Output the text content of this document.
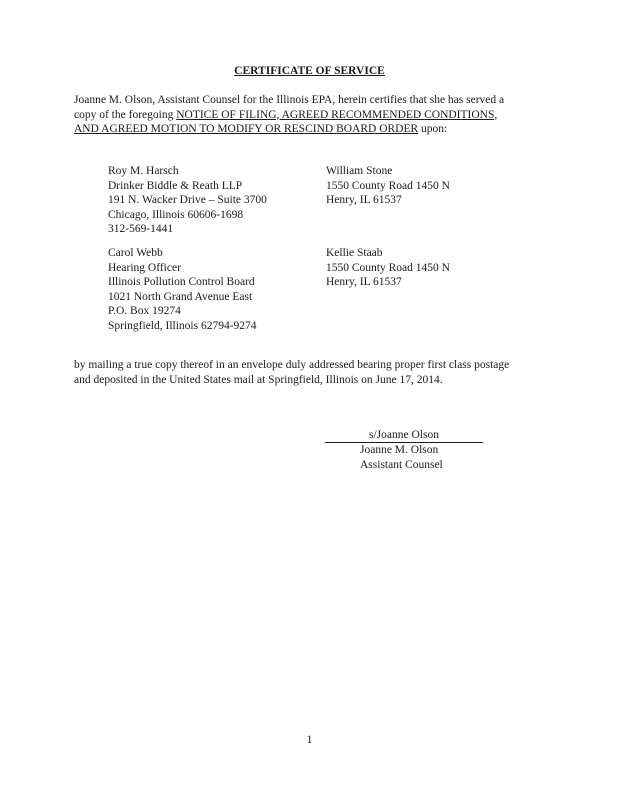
CERTIFICATE OF SERVICE

Joanne M. Olson, Assistant Counsel for the Illinois EPA, herein certifies that she has served a

copy of the foregoing NOTICE OF FILING, AGREED RECOMMENDED CONDITIONS,

AND AGREED MOTION TO MODIFY OR RESCIND BOARD ORDER upon:

Roy M. Harsch
Drinker Biddle & Reath LLP
191 N. Wacker Drive – Suite 3700
Chicago, Illinois 60606-1698
312-569-1441
William Stone
1550 County Road 1450 N
Henry, IL 61537
Carol Webb
Hearing Officer
Illinois Pollution Control Board
1021 North Grand Avenue East
P.O. Box 19274
Springfield, Illinois 62794-9274
Kellie Staab
1550 County Road 1450 N
Henry, IL 61537

by mailing a true copy thereof in an envelope duly addressed bearing proper first class postage

and deposited in the United States mail at Springfield, Illinois on June 17, 2014.

s/Joanne Olson
Joanne M. Olson
Assistant Counsel
1
